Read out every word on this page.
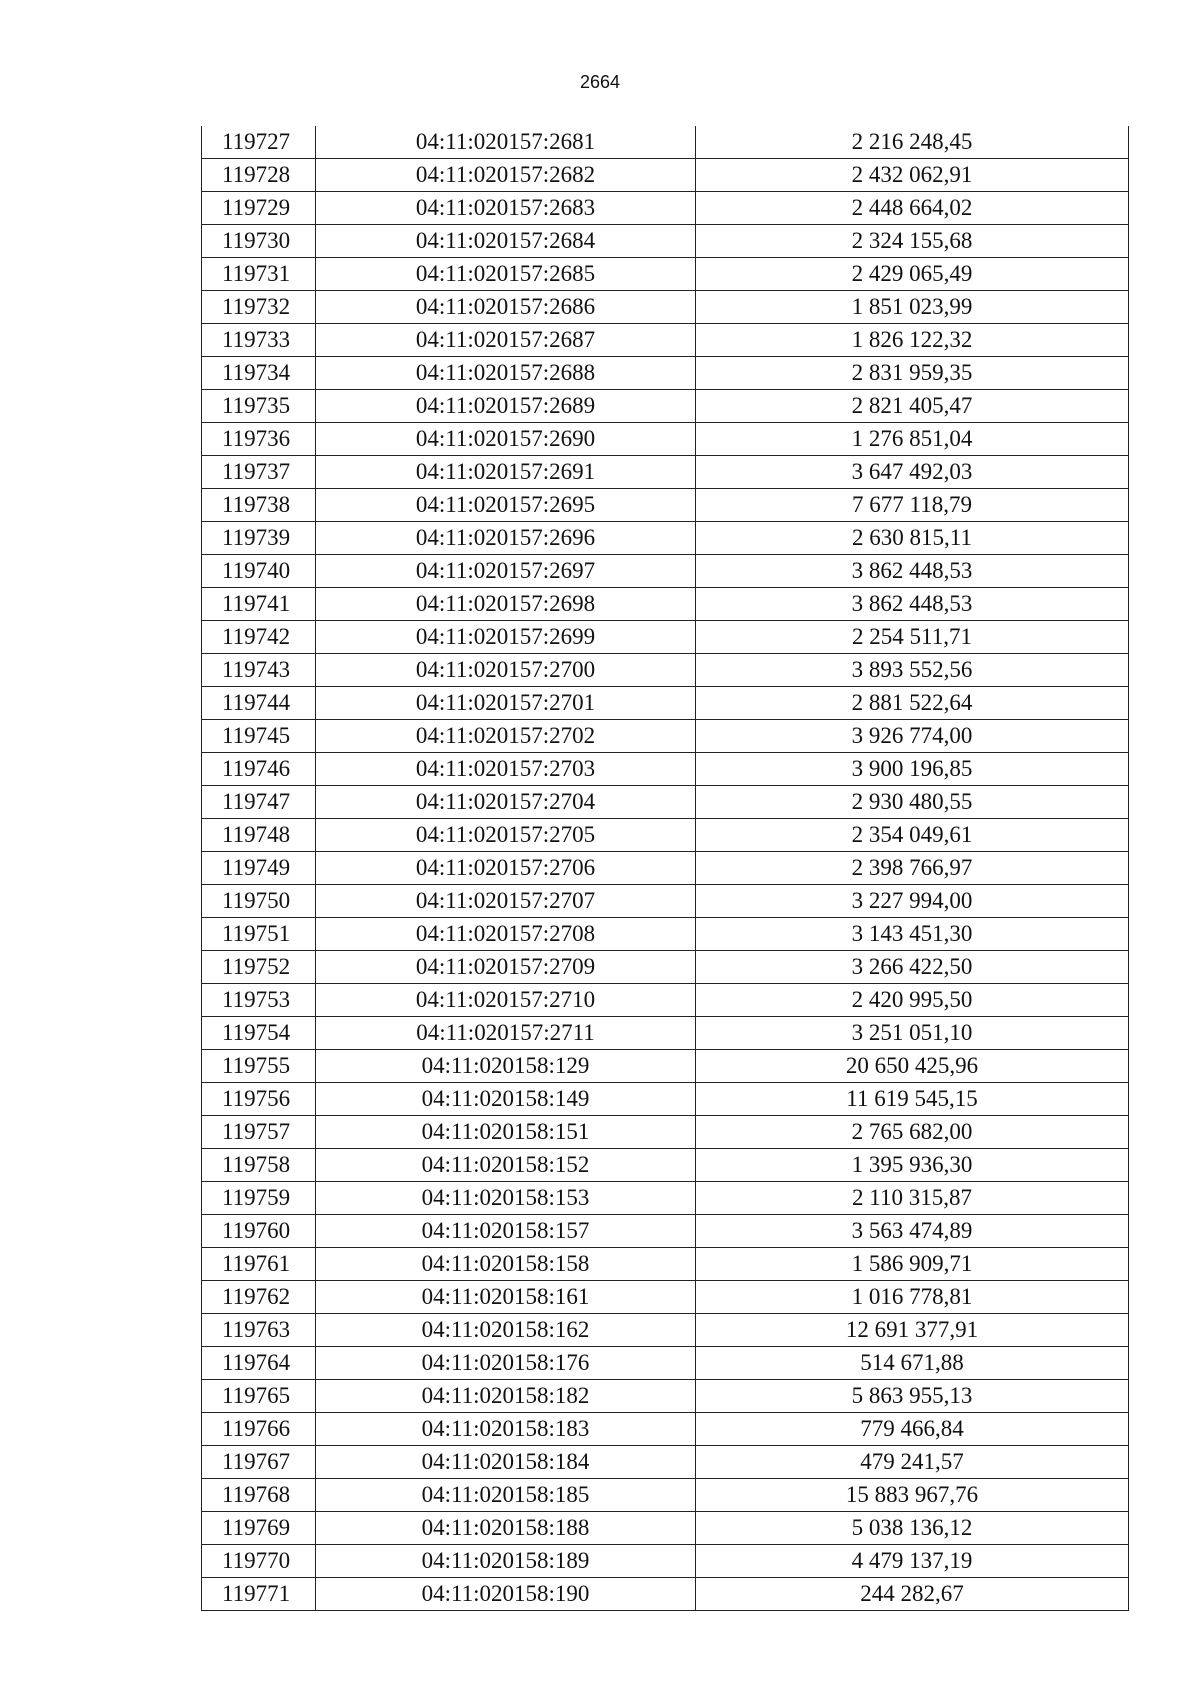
2664
119727	04:11:020157:2681	2 216 248,45
119728	04:11:020157:2682	2 432 062,91
119729	04:11:020157:2683	2 448 664,02
119730	04:11:020157:2684	2 324 155,68
119731	04:11:020157:2685	2 429 065,49
119732	04:11:020157:2686	1 851 023,99
119733	04:11:020157:2687	1 826 122,32
119734	04:11:020157:2688	2 831 959,35
119735	04:11:020157:2689	2 821 405,47
119736	04:11:020157:2690	1 276 851,04
119737	04:11:020157:2691	3 647 492,03
119738	04:11:020157:2695	7 677 118,79
119739	04:11:020157:2696	2 630 815,11
119740	04:11:020157:2697	3 862 448,53
119741	04:11:020157:2698	3 862 448,53
119742	04:11:020157:2699	2 254 511,71
119743	04:11:020157:2700	3 893 552,56
119744	04:11:020157:2701	2 881 522,64
119745	04:11:020157:2702	3 926 774,00
119746	04:11:020157:2703	3 900 196,85
119747	04:11:020157:2704	2 930 480,55
119748	04:11:020157:2705	2 354 049,61
119749	04:11:020157:2706	2 398 766,97
119750	04:11:020157:2707	3 227 994,00
119751	04:11:020157:2708	3 143 451,30
119752	04:11:020157:2709	3 266 422,50
119753	04:11:020157:2710	2 420 995,50
119754	04:11:020157:2711	3 251 051,10
119755	04:11:020158:129	20 650 425,96
119756	04:11:020158:149	11 619 545,15
119757	04:11:020158:151	2 765 682,00
119758	04:11:020158:152	1 395 936,30
119759	04:11:020158:153	2 110 315,87
119760	04:11:020158:157	3 563 474,89
119761	04:11:020158:158	1 586 909,71
119762	04:11:020158:161	1 016 778,81
119763	04:11:020158:162	12 691 377,91
119764	04:11:020158:176	514 671,88
119765	04:11:020158:182	5 863 955,13
119766	04:11:020158:183	779 466,84
119767	04:11:020158:184	479 241,57
119768	04:11:020158:185	15 883 967,76
119769	04:11:020158:188	5 038 136,12
119770	04:11:020158:189	4 479 137,19
119771	04:11:020158:190	244 282,67
